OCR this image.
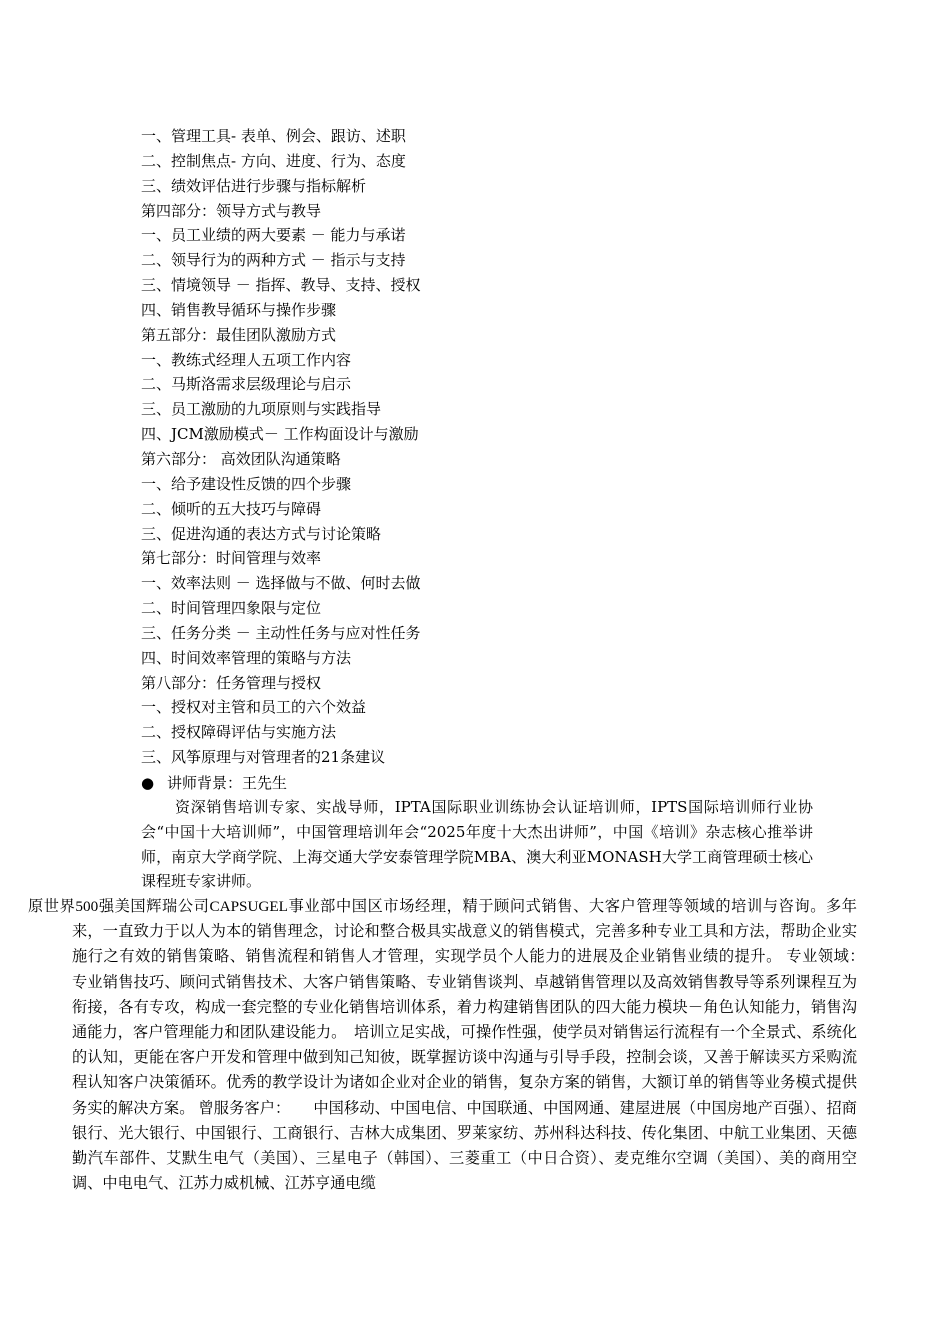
一、管理工具- 表单、例会、跟访、述职
二、控制焦点- 方向、进度、行为、态度
三、绩效评估进行步骤与指标解析
第四部分：领导方式与教导
一、员工业绩的两大要素 － 能力与承诺
二、领导行为的两种方式 － 指示与支持
三、情境领导 － 指挥、教导、支持、授权
四、销售教导循环与操作步骤
第五部分：最佳团队激励方式
一、教练式经理人五项工作内容
二、马斯洛需求层级理论与启示
三、员工激励的九项原则与实践指导
四、JCM激励模式－ 工作构面设计与激励
第六部分： 高效团队沟通策略
一、给予建设性反馈的四个步骤
二、倾听的五大技巧与障碍
三、促进沟通的表达方式与讨论策略
第七部分：时间管理与效率
一、效率法则 － 选择做与不做、何时去做
二、时间管理四象限与定位
三、任务分类 － 主动性任务与应对性任务
四、时间效率管理的策略与方法
第八部分：任务管理与授权
一、授权对主管和员工的六个效益
二、授权障碍评估与实施方法
三、风筝原理与对管理者的21条建议
● 讲师背景：王先生

资深销售培训专家、实战导师，IPTA国际职业训练协会认证培训师，IPTS国际培训师行业协会“中国十大培训师”，中国管理培训年会“2025年度十大杰出讲师”，中国《培训》杂志核心推举讲师，南京大学商学院、上海交通大学安泰管理学院MBA、澳大利亚MONASH大学工商管理硕士核心课程班专家讲师。

原世界500强美国辉瑞公司CAPSUGEL事业部中国区市场经理，精于顾问式销售、大客户管理等领域的培训与咨询。多年来，一直致力于以人为本的销售理念，讨论和整合极具实战意义的销售模式，完善多种专业工具和方法，帮助企业实施行之有效的销售策略、销售流程和销售人才管理，实现学员个人能力的进展及企业销售业绩的提升。 专业领域：　　专业销售技巧、顾问式销售技术、大客户销售策略、专业销售谈判、卓越销售管理以及高效销售教导等系列课程互为衔接，各有专攻，构成一套完整的专业化销售培训体系，着力构建销售团队的四大能力模块－角色认知能力，销售沟通能力，客户管理能力和团队建设能力。　培训立足实战，可操作性强，使学员对销售运行流程有一个全景式、系统化的认知，更能在客户开发和管理中做到知己知彼，既掌握访谈中沟通与引导手段，控制会谈，又善于解读买方采购流程认知客户决策循环。优秀的教学设计为诸如企业对企业的销售，复杂方案的销售，大额订单的销售等业务模式提供务实的解决方案。 曾服务客户：　　中国移动、中国电信、中国联通、中国网通、建屋进展（中国房地产百强）、招商银行、光大银行、中国银行、工商银行、吉林大成集团、罗莱家纺、苏州科达科技、传化集团、中航工业集团、天德勤汽车部件、艾默生电气（美国）、三星电子（韩国）、三菱重工（中日合资）、麦克维尔空调（美国）、美的商用空调、中电电气、江苏力威机械、江苏亨通电缆
